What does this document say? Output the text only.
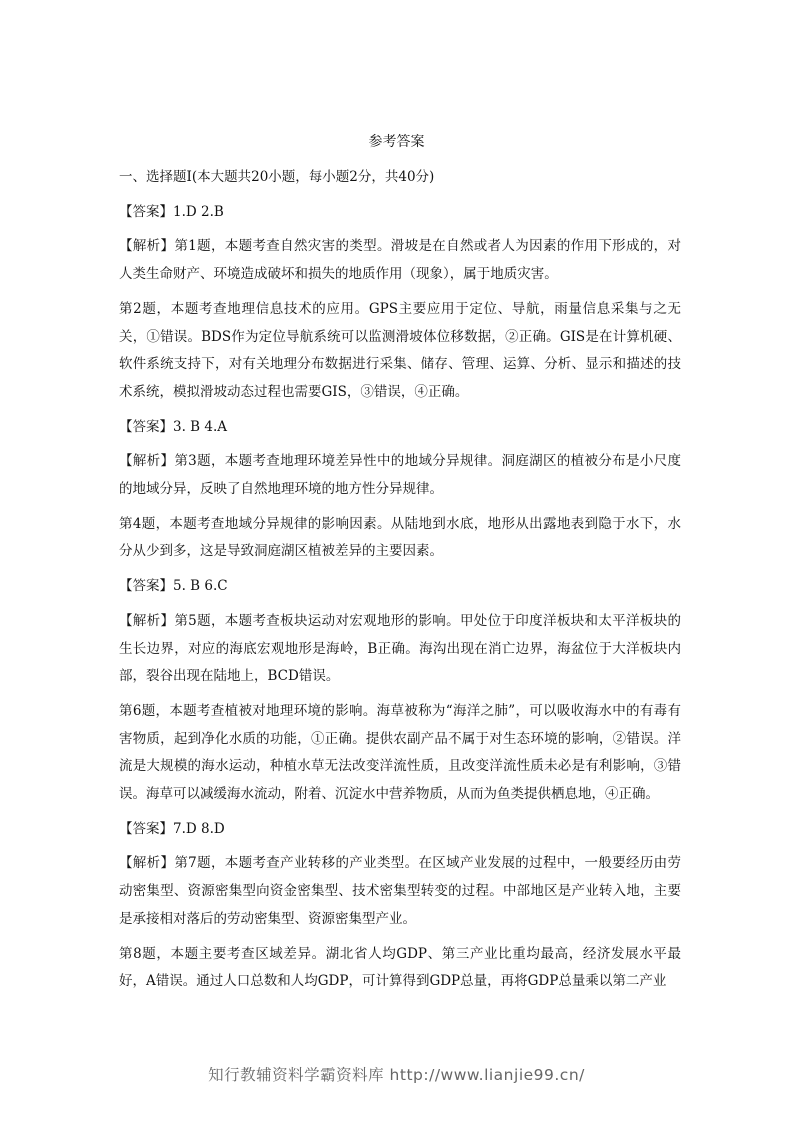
参考答案

一、选择题Ⅰ(本大题共20小题，每小题2分，共40分)

【答案】1.D 2.B

【解析】第1题，本题考查自然灾害的类型。滑坡是在自然或者人为因素的作用下形成的，对人类生命财产、环境造成破坏和损失的地质作用（现象），属于地质灾害。

第2题，本题考查地理信息技术的应用。GPS主要应用于定位、导航，雨量信息采集与之无关，①错误。BDS作为定位导航系统可以监测滑坡体位移数据，②正确。GIS是在计算机硬、软件系统支持下，对有关地理分布数据进行采集、储存、管理、运算、分析、显示和描述的技术系统，模拟滑坡动态过程也需要GIS，③错误，④正确。

【答案】3. B 4.A

【解析】第3题，本题考查地理环境差异性中的地域分异规律。洞庭湖区的植被分布是小尺度的地域分异，反映了自然地理环境的地方性分异规律。

第4题，本题考查地域分异规律的影响因素。从陆地到水底，地形从出露地表到隐于水下，水分从少到多，这是导致洞庭湖区植被差异的主要因素。

【答案】5. B 6.C

【解析】第5题，本题考查板块运动对宏观地形的影响。甲处位于印度洋板块和太平洋板块的生长边界，对应的海底宏观地形是海岭，B正确。海沟出现在消亡边界，海盆位于大洋板块内部，裂谷出现在陆地上，BCD错误。

第6题，本题考查植被对地理环境的影响。海草被称为“海洋之肺”，可以吸收海水中的有毒有害物质，起到净化水质的功能，①正确。提供农副产品不属于对生态环境的影响，②错误。洋流是大规模的海水运动，种植水草无法改变洋流性质，且改变洋流性质未必是有利影响，③错误。海草可以减缓海水流动，附着、沉淀水中营养物质，从而为鱼类提供栖息地，④正确。

【答案】7.D 8.D

【解析】第7题，本题考查产业转移的产业类型。在区域产业发展的过程中，一般要经历由劳动密集型、资源密集型向资金密集型、技术密集型转变的过程。中部地区是产业转入地，主要是承接相对落后的劳动密集型、资源密集型产业。

第8题，本题主要考查区域差异。湖北省人均GDP、第三产业比重均最高，经济发展水平最好，A错误。通过人口总数和人均GDP，可计算得到GDP总量，再将GDP总量乘以第二产业

知行教辅资料学霸资料库 http://www.lianjie99.cn/
